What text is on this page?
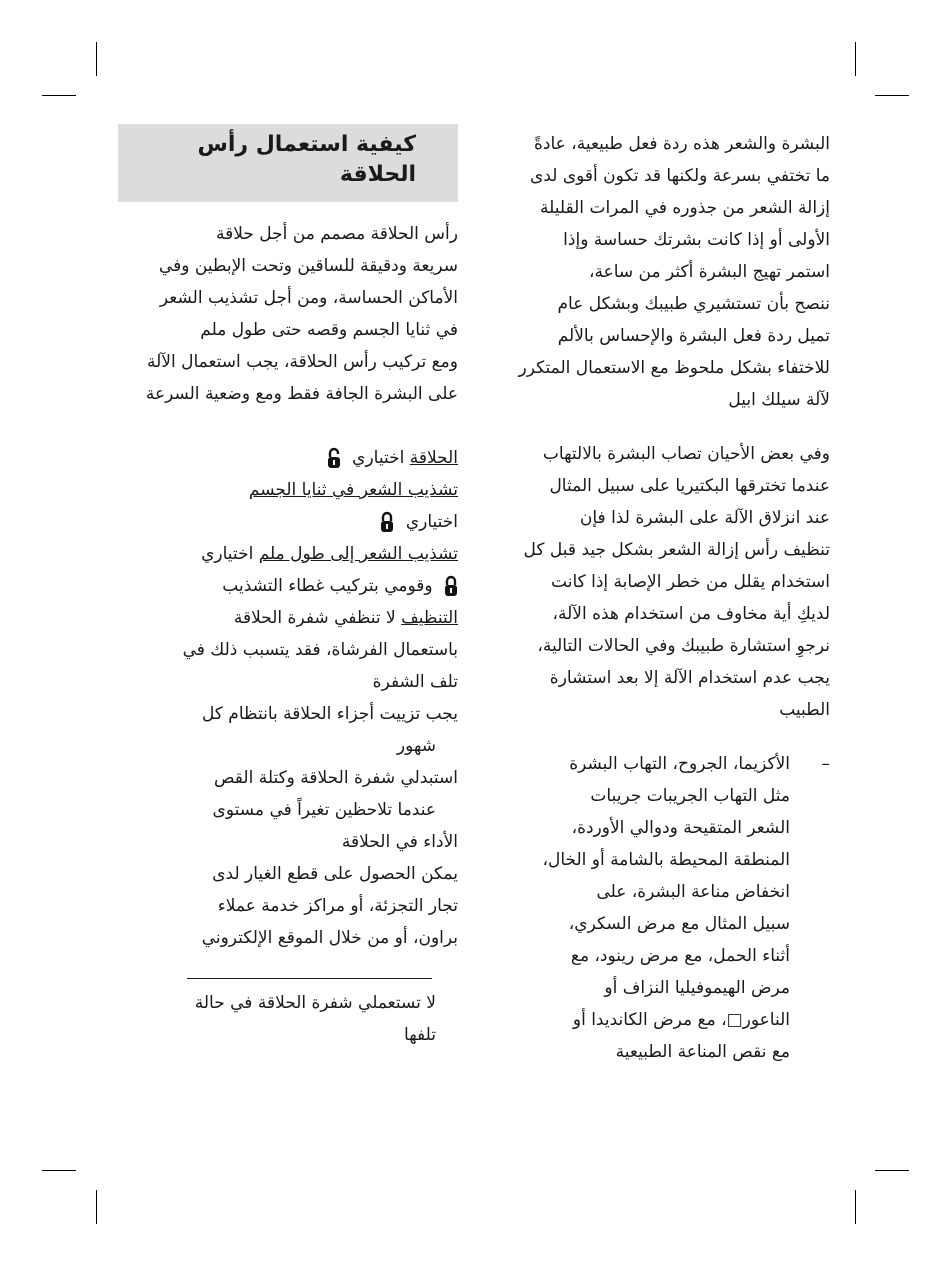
البشرة والشعر هذه ردة فعل طبيعية، عادةً
ما تختفي بسرعة ولكنها قد تكون أقوى لدى
إزالة الشعر من جذوره في المرات القليلة
الأولى أو إذا كانت بشرتك حساسة وإذا
استمر تهيج البشرة أكثر من ساعة،
ننصح بأن تستشيري طبيبك وبشكل عام
تميل ردة فعل البشرة والإحساس بالألم
للاختفاء بشكل ملحوظ مع الاستعمال المتكرر
لآلة سيلك ابيل

وفي بعض الأحيان تصاب البشرة بالالتهاب
عندما تخترقها البكتيريا على سبيل المثال
عند انزلاق الآلة على البشرة لذا فإن
تنظيف رأس إزالة الشعر بشكل جيد قبل كل
استخدام يقلل من خطر الإصابة إذا كانت
لديكِ أية مخاوف من استخدام هذه الآلة،
نرجوِ استشارة طبيبك وفي الحالات التالية،
يجب عدم استخدام الآلة إلا بعد استشارة
الطبيب

–
الأكزيما، الجروح، التهاب البشرة
مثل التهاب الجريبات جريبات
الشعر المتقيحة ودوالي الأوردة،
المنطقة المحيطة بالشامة أو الخال،
انخفاض مناعة البشرة، على
سبيل المثال مع مرض السكري،
أثناء الحمل، مع مرض رينود، مع
مرض الهيموفيليا النزاف أو
الناعور□، مع مرض الكانديدا أو
مع نقص المناعة الطبيعية

كيفية استعمال رأس الحلاقة

رأس الحلاقة مصمم من أجل حلاقة
سريعة ودقيقة للساقين وتحت الإبطين وفي
الأماكن الحساسة، ومن أجل تشذيب الشعر
في ثنايا الجسم وقصه حتى طول ملم
ومع تركيب رأس الحلاقة، يجب استعمال الآلة
على البشرة الجافة فقط ومع وضعية السرعة

الحلاقة اختياري
تشذيب الشعر في ثنايا الجسم
اختياري
تشذيب الشعر إلى طول ملم اختياري
وقومي بتركيب غطاء التشذيب
التنظيف لا تنظفي شفرة الحلاقة
باستعمال الفرشاة، فقد يتسبب ذلك في
تلف الشفرة
يجب تزييت أجزاء الحلاقة بانتظام كل
شهور
استبدلي شفرة الحلاقة وكتلة القص
عندما تلاحظين تغيراً في مستوى
الأداء في الحلاقة
يمكن الحصول على قطع الغيار لدى
تجار التجزئة، أو مراكز خدمة عملاء
براون، أو من خلال الموقع الإلكتروني
لا تستعملي شفرة الحلاقة في حالة
تلفها
